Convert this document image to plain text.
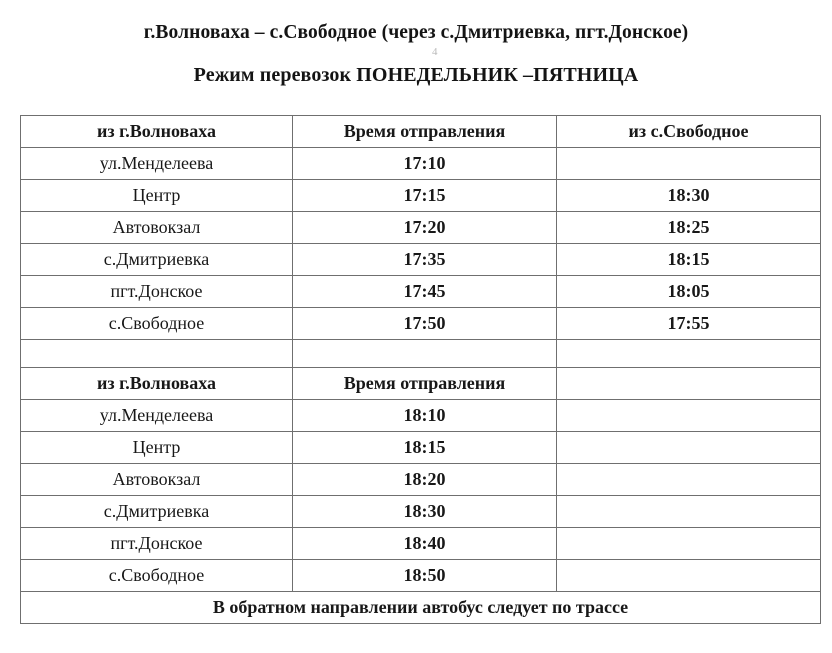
г.Волноваха – с.Свободное (через с.Дмитриевка, пгт.Донское)
Режим перевозок ПОНЕДЕЛЬНИК –ПЯТНИЦА
4
из г.Волноваха	Время отправления	из с.Свободное
ул.Менделеева	17:10	
Центр	17:15	18:30
Автовокзал	17:20	18:25
с.Дмитриевка	17:35	18:15
пгт.Донское	17:45	18:05
с.Свободное	17:50	17:55

из г.Волноваха	Время отправления	
ул.Менделеева	18:10	
Центр	18:15	
Автовокзал	18:20	
с.Дмитриевка	18:30	
пгт.Донское	18:40	
с.Свободное	18:50	
В обратном направлении автобус следует по трассе		
